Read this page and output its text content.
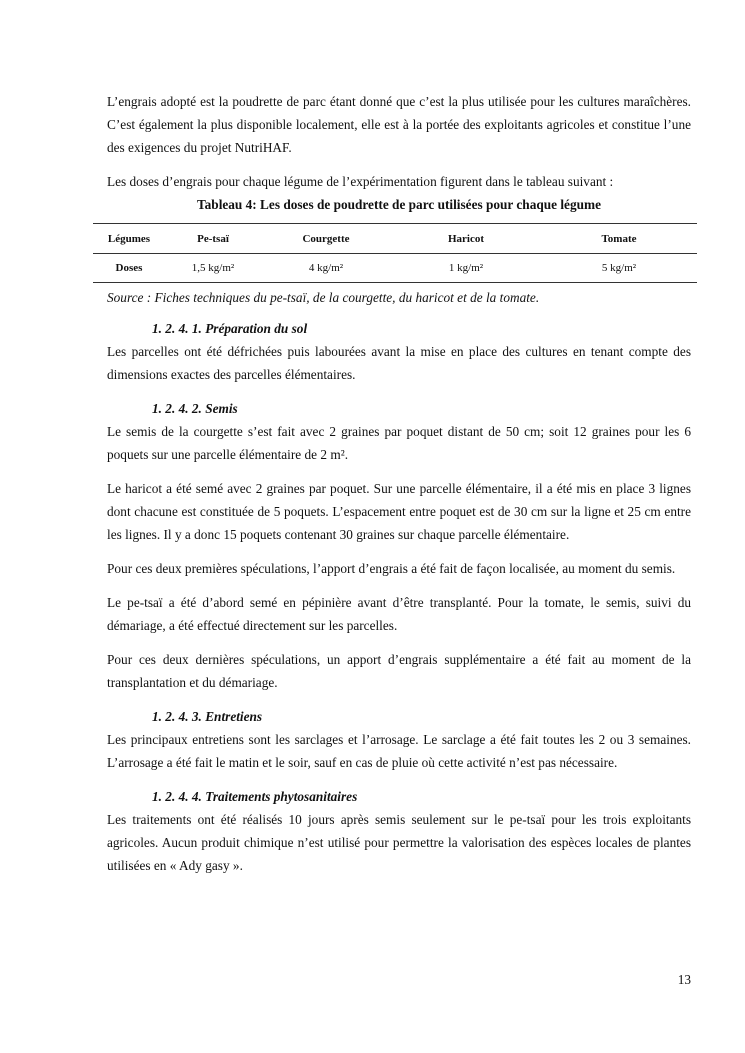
L’engrais adopté est la poudrette de parc étant donné que c’est la plus utilisée pour les cultures maraîchères. C’est également la plus disponible localement, elle est à la portée des exploitants agricoles et constitue l’une des exigences du projet NutriHAF.

Les doses d’engrais pour chaque légume de l’expérimentation figurent dans le tableau suivant :

Tableau 4: Les doses de poudrette de parc utilisées pour chaque légume
Légumes	Pe-tsaï	Courgette	Haricot	Tomate
Doses	1,5 kg/m²	4 kg/m²	1 kg/m²	5 kg/m²
Source : Fiches techniques du pe-tsaï, de la courgette, du haricot et de la tomate.
1. 2. 4. 1. Préparation du sol

Les parcelles ont été défrichées puis labourées avant la mise en place des cultures en tenant compte des dimensions exactes des parcelles élémentaires.

1. 2. 4. 2. Semis

Le semis de la courgette s’est fait avec 2 graines par poquet distant de 50 cm; soit 12 graines pour les 6 poquets sur une parcelle élémentaire de 2 m².

Le haricot a été semé avec 2 graines par poquet. Sur une parcelle élémentaire, il a été mis en place 3 lignes dont chacune est constituée de 5 poquets. L’espacement entre poquet est de 30 cm sur la ligne et 25 cm entre les lignes. Il y a donc 15 poquets contenant 30 graines sur chaque parcelle élémentaire.

Pour ces deux premières spéculations, l’apport d’engrais a été fait de façon localisée, au moment du semis.

Le pe-tsaï a été d’abord semé en pépinière avant d’être transplanté. Pour la tomate, le semis, suivi du démariage, a été effectué directement sur les parcelles.

Pour ces deux dernières spéculations, un apport d’engrais supplémentaire a été fait au moment de la transplantation et du démariage.

1. 2. 4. 3. Entretiens

Les principaux entretiens sont les sarclages et l’arrosage. Le sarclage a été fait toutes les 2 ou 3 semaines. L’arrosage a été fait le matin et le soir, sauf en cas de pluie où cette activité n’est pas nécessaire.

1. 2. 4. 4. Traitements phytosanitaires

Les traitements ont été réalisés 10 jours après semis seulement sur le pe-tsaï pour les trois exploitants agricoles. Aucun produit chimique n’est utilisé pour permettre la valorisation des espèces locales de plantes utilisées en « Ady gasy ».

13
